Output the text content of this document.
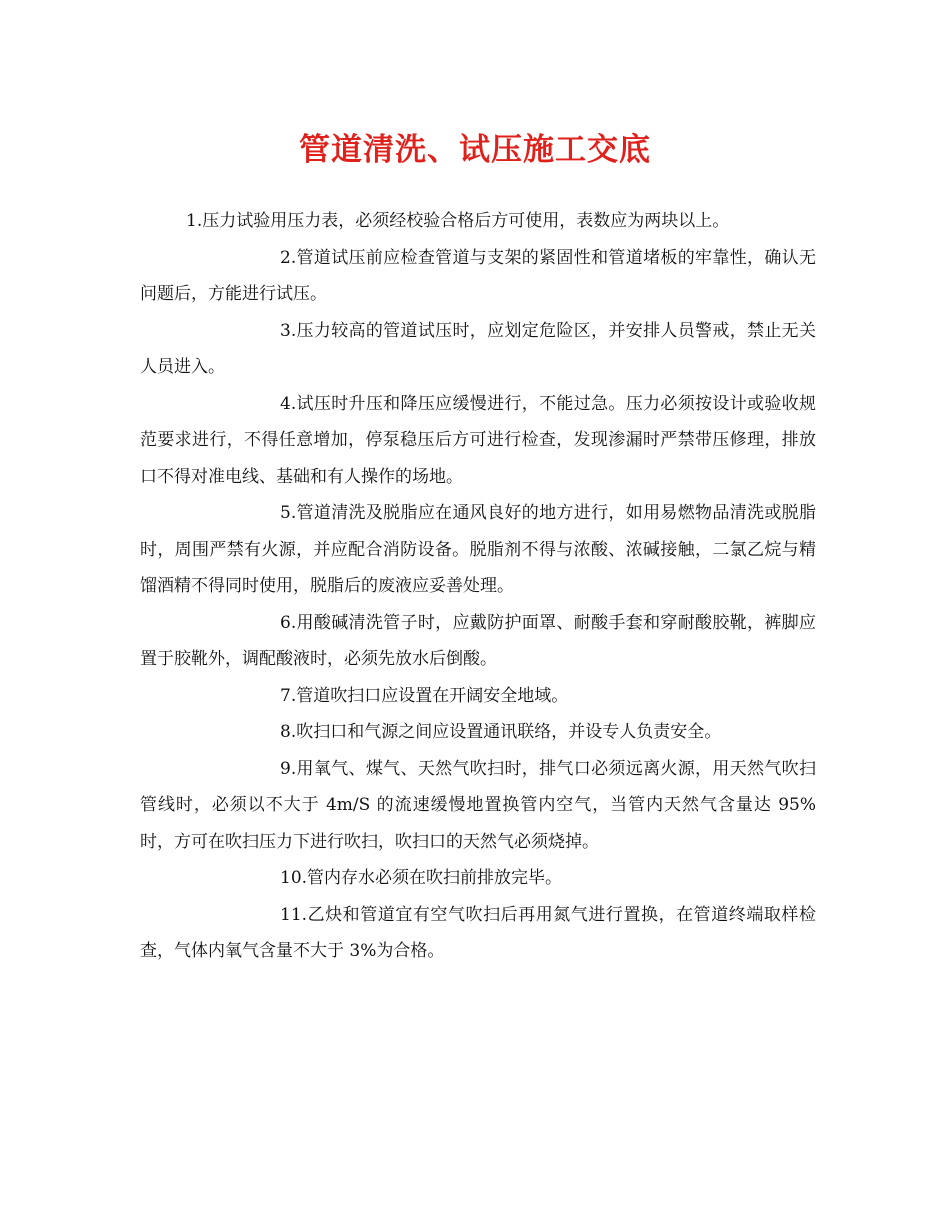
管道清洗、试压施工交底

1.压力试验用压力表，必须经校验合格后方可使用，表数应为两块以上。

2.管道试压前应检查管道与支架的紧固性和管道堵板的牢靠性，确认无问题后，方能进行试压。

3.压力较高的管道试压时，应划定危险区，并安排人员警戒，禁止无关人员进入。

4.试压时升压和降压应缓慢进行，不能过急。压力必须按设计或验收规范要求进行，不得任意增加，停泵稳压后方可进行检查，发现渗漏时严禁带压修理，排放口不得对准电线、基础和有人操作的场地。

5.管道清洗及脱脂应在通风良好的地方进行，如用易燃物品清洗或脱脂时，周围严禁有火源，并应配合消防设备。脱脂剂不得与浓酸、浓碱接触，二氯乙烷与精馏酒精不得同时使用，脱脂后的废液应妥善处理。

6.用酸碱清洗管子时，应戴防护面罩、耐酸手套和穿耐酸胶靴，裤脚应置于胶靴外，调配酸液时，必须先放水后倒酸。

7.管道吹扫口应设置在开阔安全地域。

8.吹扫口和气源之间应设置通讯联络，并设专人负责安全。

9.用氧气、煤气、天然气吹扫时，排气口必须远离火源，用天然气吹扫管线时，必须以不大于 4m/S 的流速缓慢地置换管内空气，当管内天然气含量达 95%时，方可在吹扫压力下进行吹扫，吹扫口的天然气必须烧掉。

10.管内存水必须在吹扫前排放完毕。

11.乙炔和管道宜有空气吹扫后再用氮气进行置换，在管道终端取样检查，气体内氧气含量不大于 3%为合格。
